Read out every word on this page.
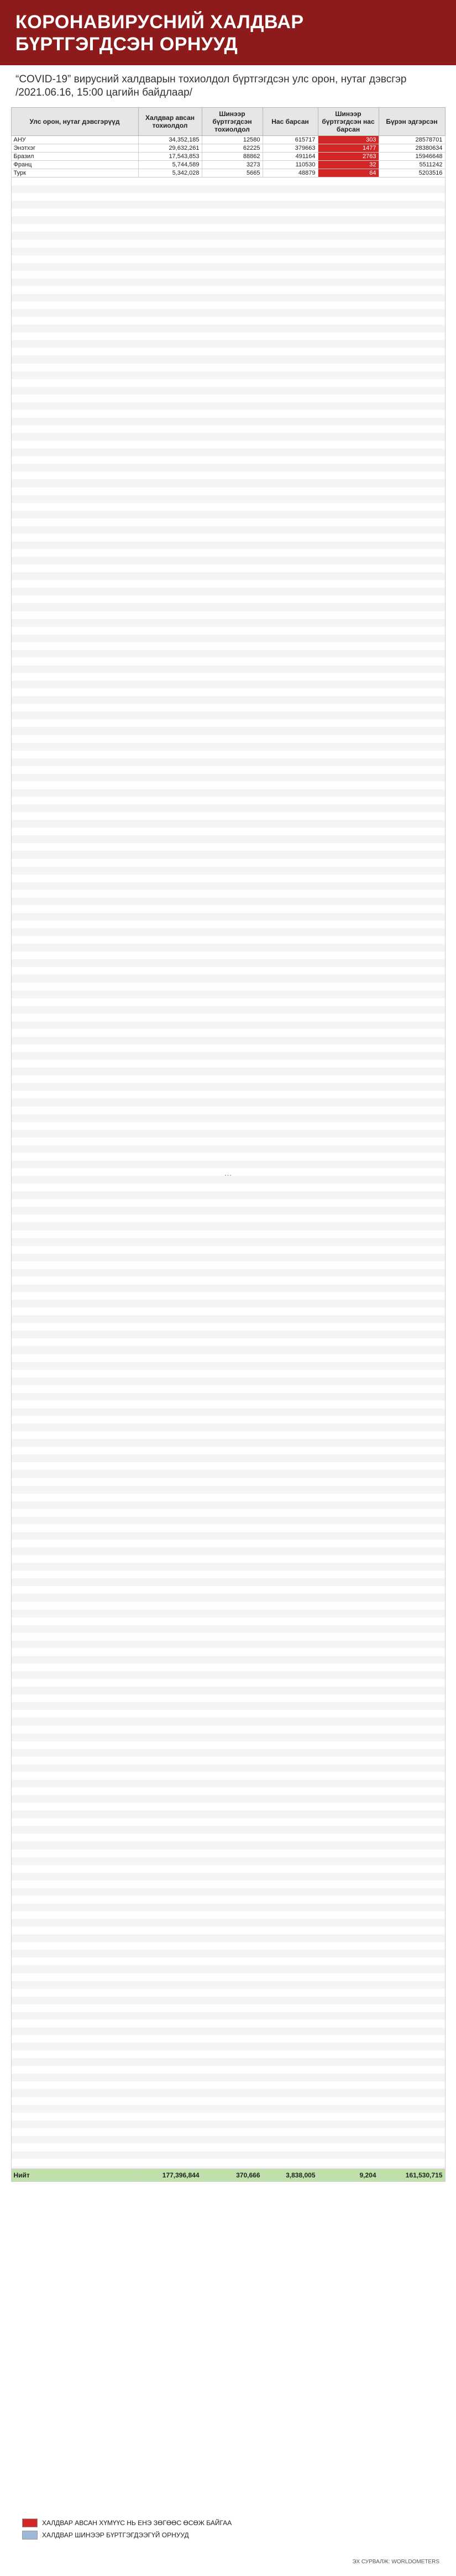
КОРОНАВИРУСНИЙ ХАЛДВАР БҮРТГЭГДСЭН ОРНУУД
“COVID-19” вирусний халдварын тохиолдол бүртгэгдсэн улс орон, нутаг дэвсгэр /2021.06.16, 15:00 цагийн байдлаар/
Улс орон, нутаг дэвсгэрүүд	Халдвар авсан тохиолдол	Шинээр бүртгэгдсэн тохиолдол	Нас барсан	Шинээр бүртгэгдсэн нас барсан	Бүрэн эдгэрсэн
АНУ	34,352,185	12580	615717	303	28578701
Энэтхэг	29,632,261	62225	379663	1477	28380634
Бразил	17,543,853	88862	491164	2763	15946648
Франц	5,744,589	3273	110530	32	5511242
Турк	5,342,028	5665	48879	64	5203516
…					
Нийт	177,396,844	370,666	3,838,005	9,204	161,530,715
ХАЛДВАР АВСАН ХҮМҮҮС НЬ ЕНЭ ЗӨГӨӨС ӨСӨЖ БАЙГАА
ХАЛДВАР ШИНЭЭР БҮРТГЭГДЭЭГҮЙ ОРНУУД
ЭХ СУРВАЛЖ: WORLDOMETERS
